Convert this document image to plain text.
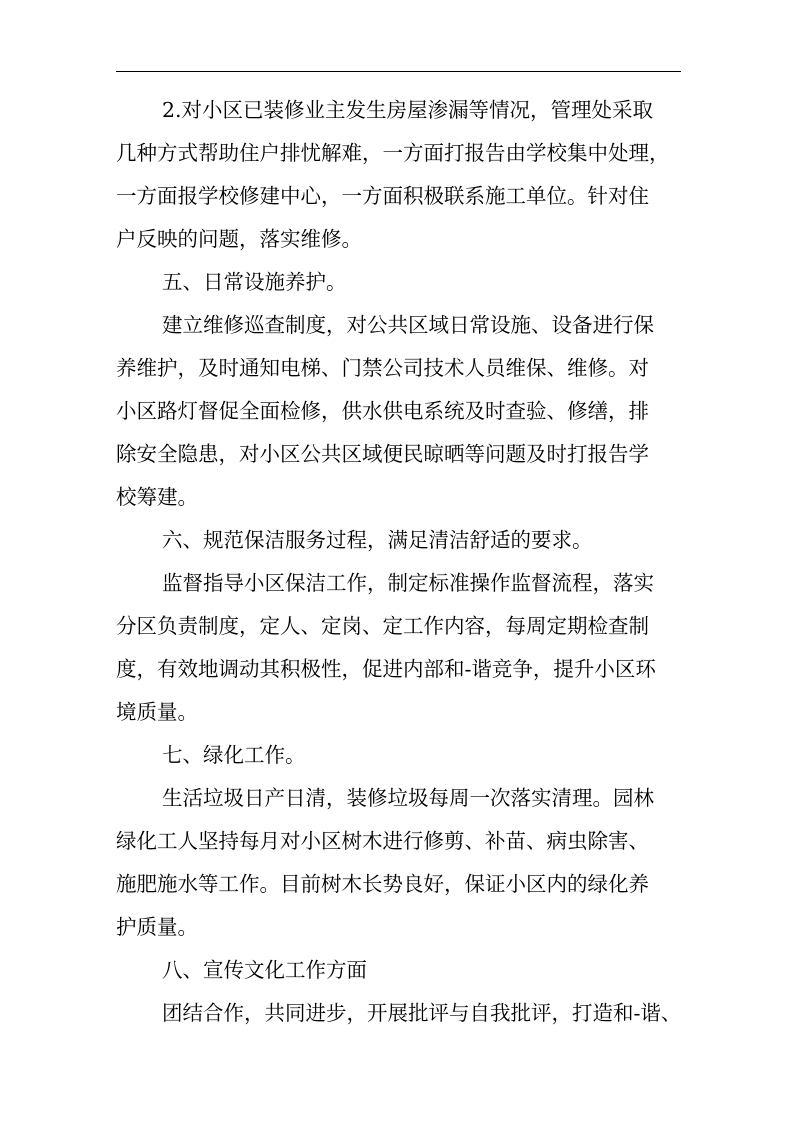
2.对小区已装修业主发生房屋渗漏等情况，管理处采取
几种方式帮助住户排忧解难，一方面打报告由学校集中处理，
一方面报学校修建中心，一方面积极联系施工单位。针对住
户反映的问题，落实维修。
五、日常设施养护。
建立维修巡查制度，对公共区域日常设施、设备进行保
养维护，及时通知电梯、门禁公司技术人员维保、维修。对
小区路灯督促全面检修，供水供电系统及时查验、修缮，排
除安全隐患，对小区公共区域便民晾晒等问题及时打报告学
校筹建。
六、规范保洁服务过程，满足清洁舒适的要求。
监督指导小区保洁工作，制定标准操作监督流程，落实
分区负责制度，定人、定岗、定工作内容，每周定期检查制
度，有效地调动其积极性，促进内部和-谐竞争，提升小区环
境质量。
七、绿化工作。
生活垃圾日产日清，装修垃圾每周一次落实清理。园林
绿化工人坚持每月对小区树木进行修剪、补苗、病虫除害、
施肥施水等工作。目前树木长势良好，保证小区内的绿化养
护质量。
八、宣传文化工作方面
团结合作，共同进步，开展批评与自我批评，打造和-谐、
